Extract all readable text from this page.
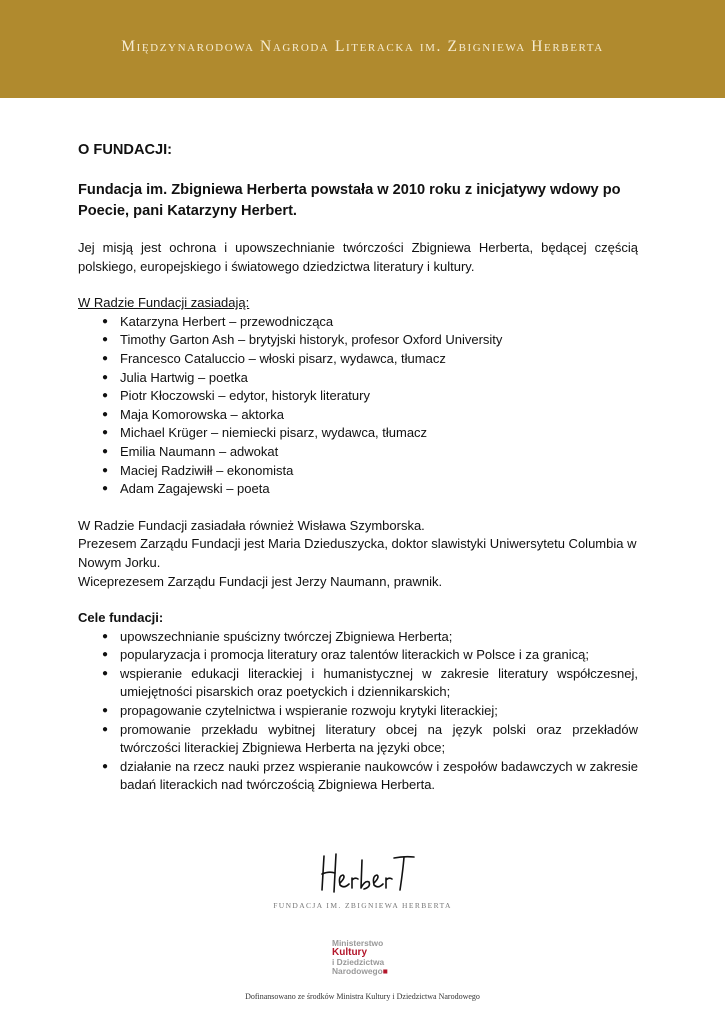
Międzynarodowa Nagroda Literacka im. Zbigniewa Herberta

O FUNDACJI:

Fundacja im. Zbigniewa Herberta powstała w 2010 roku z inicjatywy wdowy po Poecie, pani Katarzyny Herbert.

Jej misją jest ochrona i upowszechnianie twórczości Zbigniewa Herberta, będącej częścią polskiego, europejskiego i światowego dziedzictwa literatury i kultury.

W Radzie Fundacji zasiadają:

● Katarzyna Herbert – przewodnicząca
● Timothy Garton Ash – brytyjski historyk, profesor Oxford University
● Francesco Cataluccio – włoski pisarz, wydawca, tłumacz
● Julia Hartwig – poetka
● Piotr Kłoczowski – edytor, historyk literatury
● Maja Komorowska – aktorka
● Michael Krüger – niemiecki pisarz, wydawca, tłumacz
● Emilia Naumann – adwokat
● Maciej Radziwiłł – ekonomista
● Adam Zagajewski – poeta

W Radzie Fundacji zasiadała również Wisława Szymborska.

Prezesem Zarządu Fundacji jest Maria Dzieduszycka, doktor slawistyki Uniwersytetu Columbia w Nowym Jorku.

Wiceprezesem Zarządu Fundacji jest Jerzy Naumann, prawnik.

Cele fundacji:

● upowszechnianie spuścizny twórczej Zbigniewa Herberta;
● popularyzacja i promocja literatury oraz talentów literackich w Polsce i za granicą;
● wspieranie edukacji literackiej i humanistycznej w zakresie literatury współczesnej, umiejętności pisarskich oraz poetyckich i dziennikarskich;
● propagowanie czytelnictwa i wspieranie rozwoju krytyki literackiej;
● promowanie przekładu wybitnej literatury obcej na język polski oraz przekładów twórczości literackiej Zbigniewa Herberta na języki obce;
● działanie na rzecz nauki przez wspieranie naukowców i zespołów badawczych w zakresie badań literackich nad twórczością Zbigniewa Herberta.
FUNDACJA IM. ZBIGNIEWA HERBERTA
Ministerstwo
Kultury
i Dziedzictwa
Narodowego■
Dofinansowano ze środków Ministra Kultury i Dziedzictwa Narodowego
